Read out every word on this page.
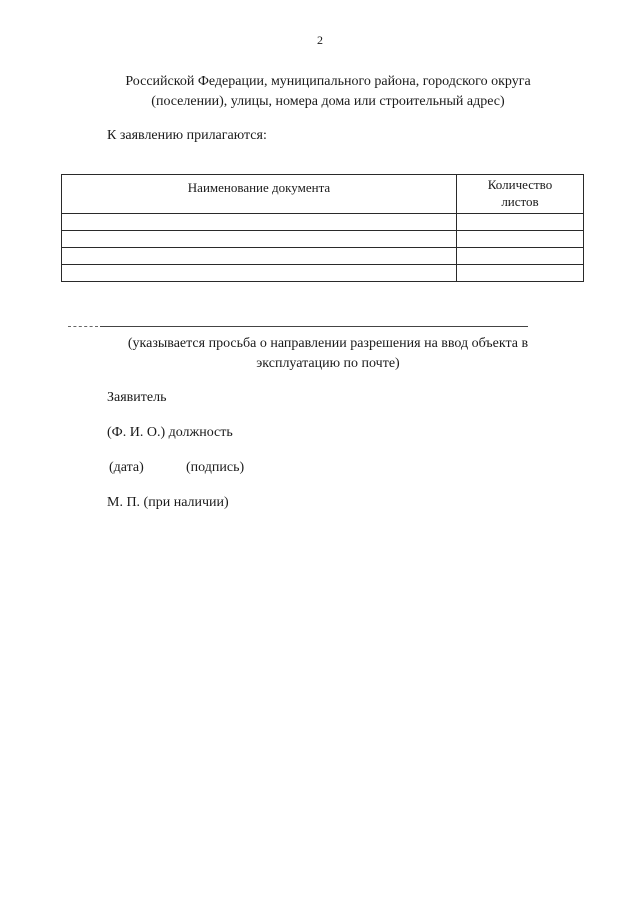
2
Российской Федерации, муниципального района, городского округа
(поселении), улицы, номера дома или строительный адрес)
К заявлению прилагаются:
Наименование документа	Количество
листов

(указывается просьба о направлении разрешения на ввод объекта в
эксплуатацию по почте)
Заявитель
(Ф. И. О.) должность
(дата)	(подпись)
М. П. (при наличии)
